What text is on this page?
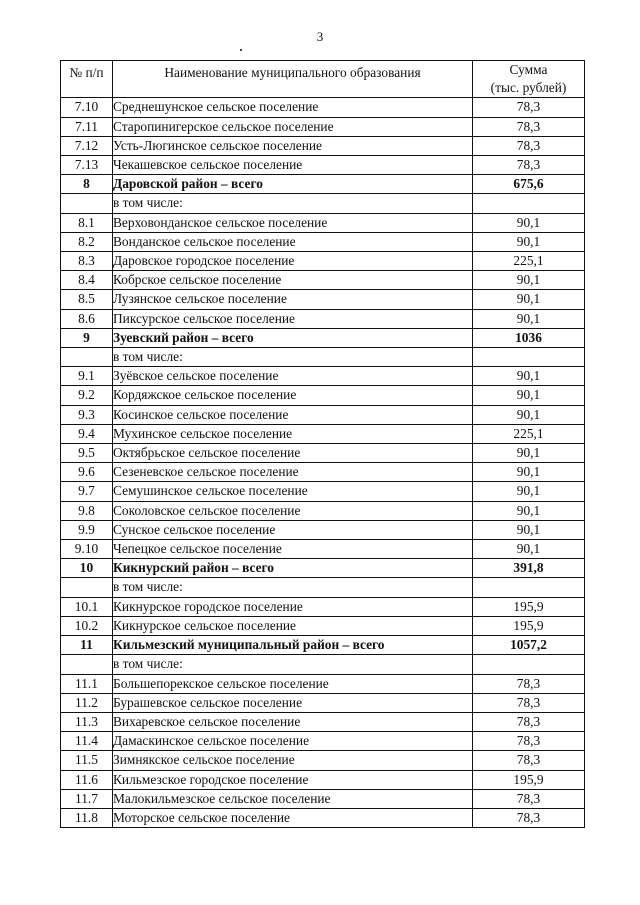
3
№ п/п	Наименование муниципального образования	Сумма
(тыс. рублей)

7.10	Среднешунское сельское поселение	78,3
7.11	Старопинигерское сельское поселение	78,3
7.12	Усть-Люгинское сельское поселение	78,3
7.13	Чекашевское сельское поселение	78,3
8	Даровской район – всего	675,6
	в том числе:	
8.1	Верховонданское сельское поселение	90,1
8.2	Вонданское сельское поселение	90,1
8.3	Даровское городское поселение	225,1
8.4	Кобрское сельское поселение	90,1
8.5	Лузянское сельское поселение	90,1
8.6	Пиксурское сельское поселение	90,1
9	Зуевский район – всего	1036
	в том числе:	
9.1	Зуёвское сельское поселение	90,1
9.2	Кордяжское сельское поселение	90,1
9.3	Косинское сельское поселение	90,1
9.4	Мухинское сельское поселение	225,1
9.5	Октябрьское сельское поселение	90,1
9.6	Сезеневское сельское поселение	90,1
9.7	Семушинское сельское поселение	90,1
9.8	Соколовское сельское поселение	90,1
9.9	Сунское сельское поселение	90,1
9.10	Чепецкое сельское поселение	90,1
10	Кикнурский район – всего	391,8
	в том числе:	
10.1	Кикнурское городское поселение	195,9
10.2	Кикнурское сельское поселение	195,9
11	Кильмезский муниципальный район – всего	1057,2
	в том числе:	
11.1	Большепорекское сельское поселение	78,3
11.2	Бурашевское сельское поселение	78,3
11.3	Вихаревское сельское поселение	78,3
11.4	Дамаскинское сельское поселение	78,3
11.5	Зимнякское сельское поселение	78,3
11.6	Кильмезское городское поселение	195,9
11.7	Малокильмезское сельское поселение	78,3
11.8	Моторское сельское поселение	78,3
